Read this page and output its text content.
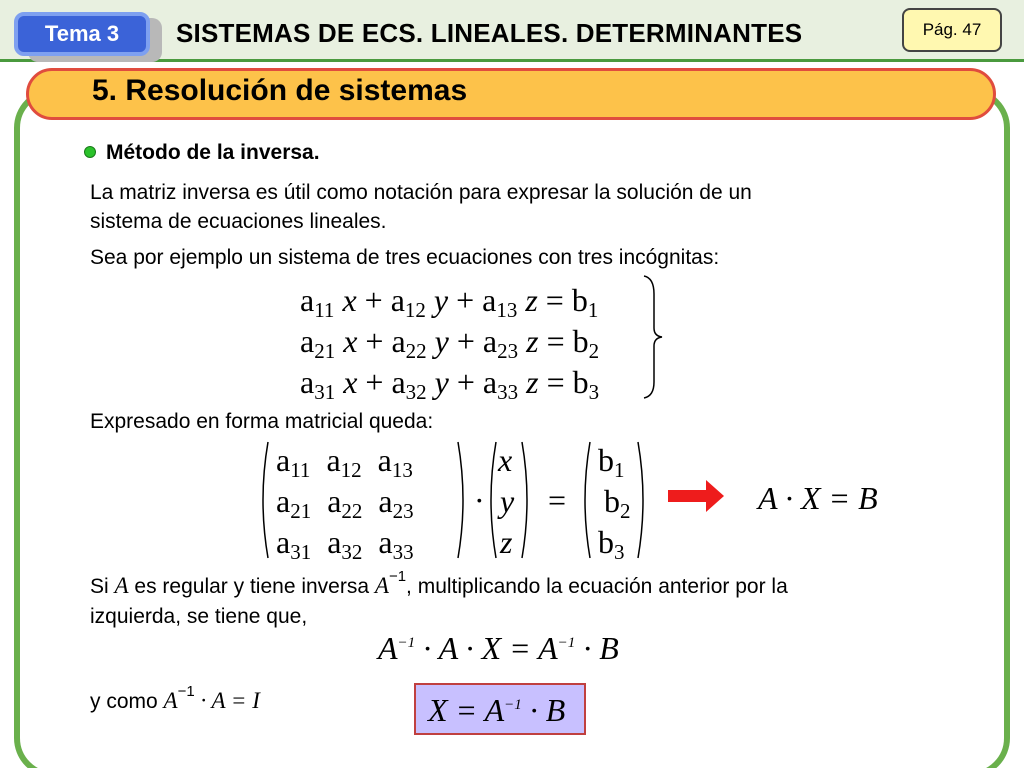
Tema 3	SISTEMAS DE ECS. LINEALES. DETERMINANTES	Pág. 47
5. Resolución de sistemas
Método de la inversa.
La matriz inversa es útil como notación para expresar la solución de un
sistema de ecuaciones lineales.
Sea por ejemplo un sistema de tres ecuaciones con tres incógnitas:
$a_{11}$ $x + a_{12}$ $y + a_{13}$ $z = b_1$
$a_{21}$ $x + a_{22}$ $y + a_{23}$ $z = b_2$
$a_{31}$ $x + a_{32}$ $y + a_{33}$ $z = b_3$
Expresado en forma matricial queda:
$a_{11}$  $a_{12}$  $a_{13}$
$a_{21}$  $a_{22}$  $a_{23}$
$a_{31}$  $a_{32}$  $a_{33}$
·
x
y
z
=
$b_1$
$b_2$
$b_3$
A · X = B
Si A es regular y tiene inversa $A^{-1}$, multiplicando la ecuación anterior por la
izquierda, se tiene que,
$A^{-1} \cdot A \cdot X = A^{-1} \cdot B$
y como $A^{-1} \cdot A = I$	$X = A^{-1} \cdot B$
